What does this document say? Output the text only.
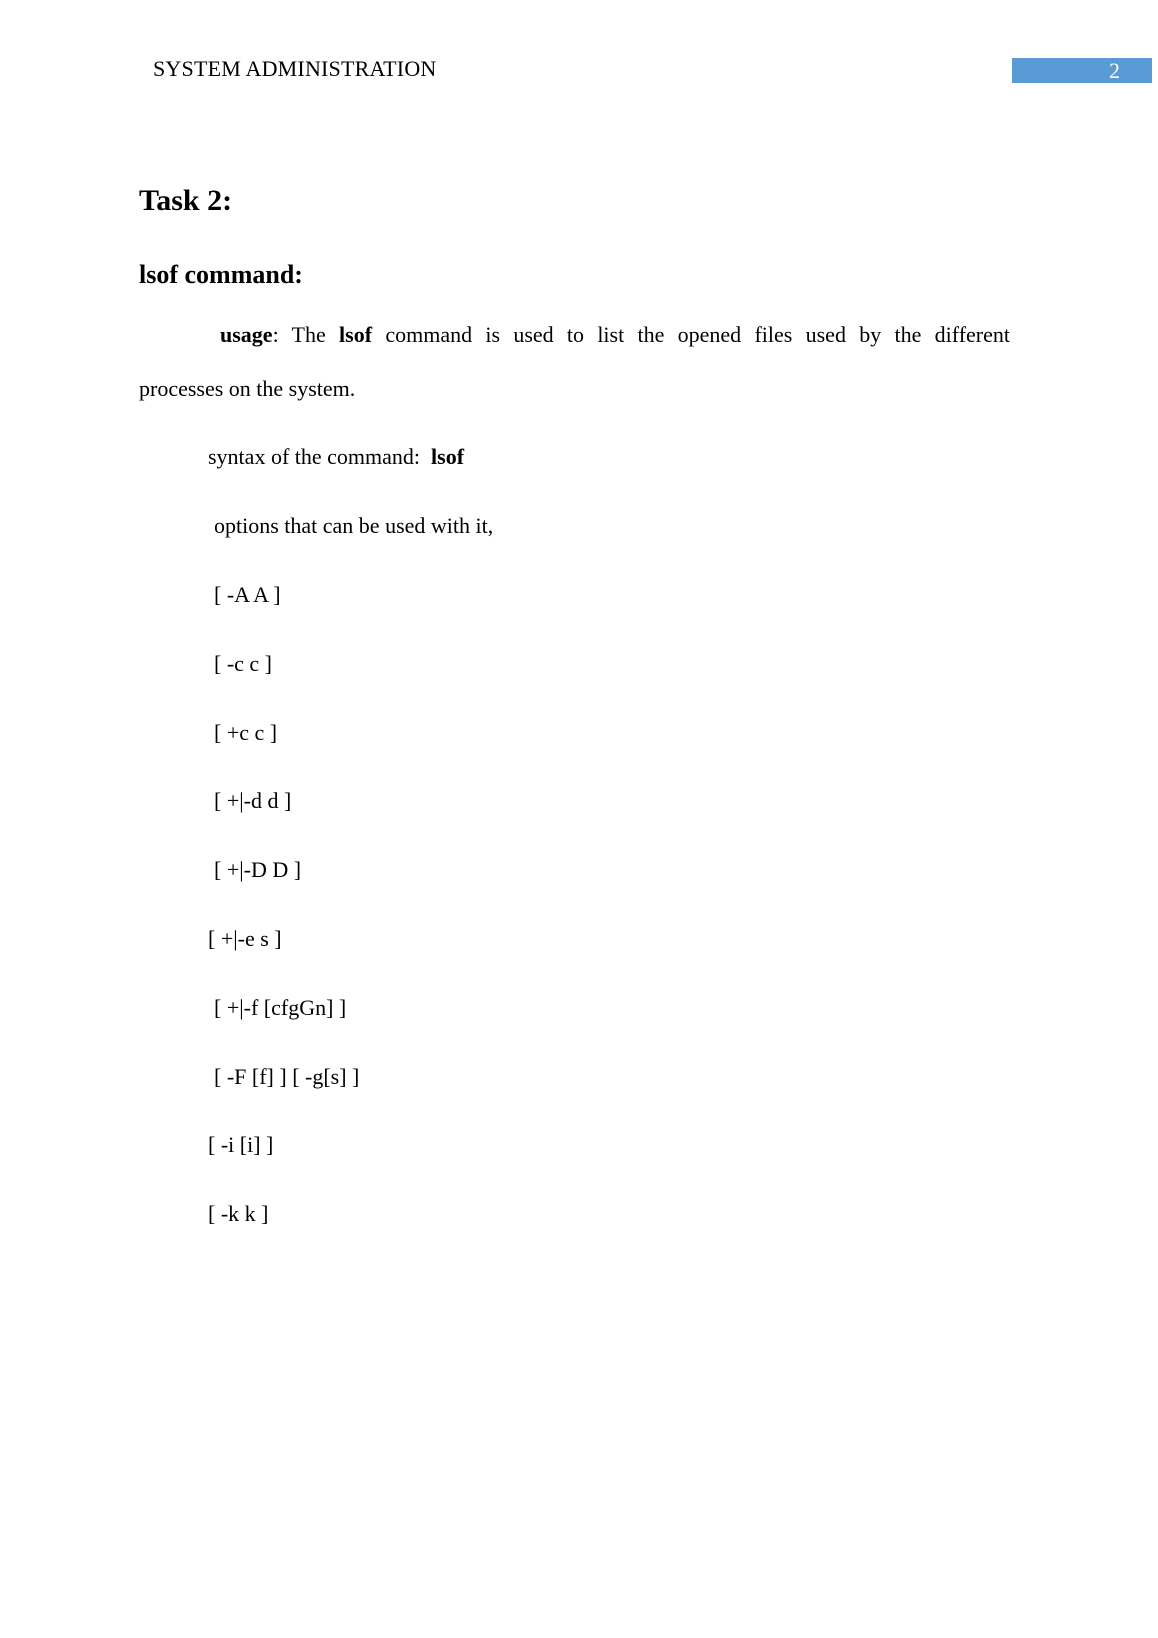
SYSTEM ADMINISTRATION	2
Task 2:
lsof command:
usage: The lsof command is used to list the opened files used by the different
processes on the system.
syntax of the command: lsof
options that can be used with it,
[ -A A ]
[ -c c ]
[ +c c ]
[ +|-d d ]
[ +|-D D ]
[ +|-e s ]
[ +|-f [cfgGn] ]
[ -F [f] ] [ -g[s] ]
[ -i [i] ]
[ -k k ]
